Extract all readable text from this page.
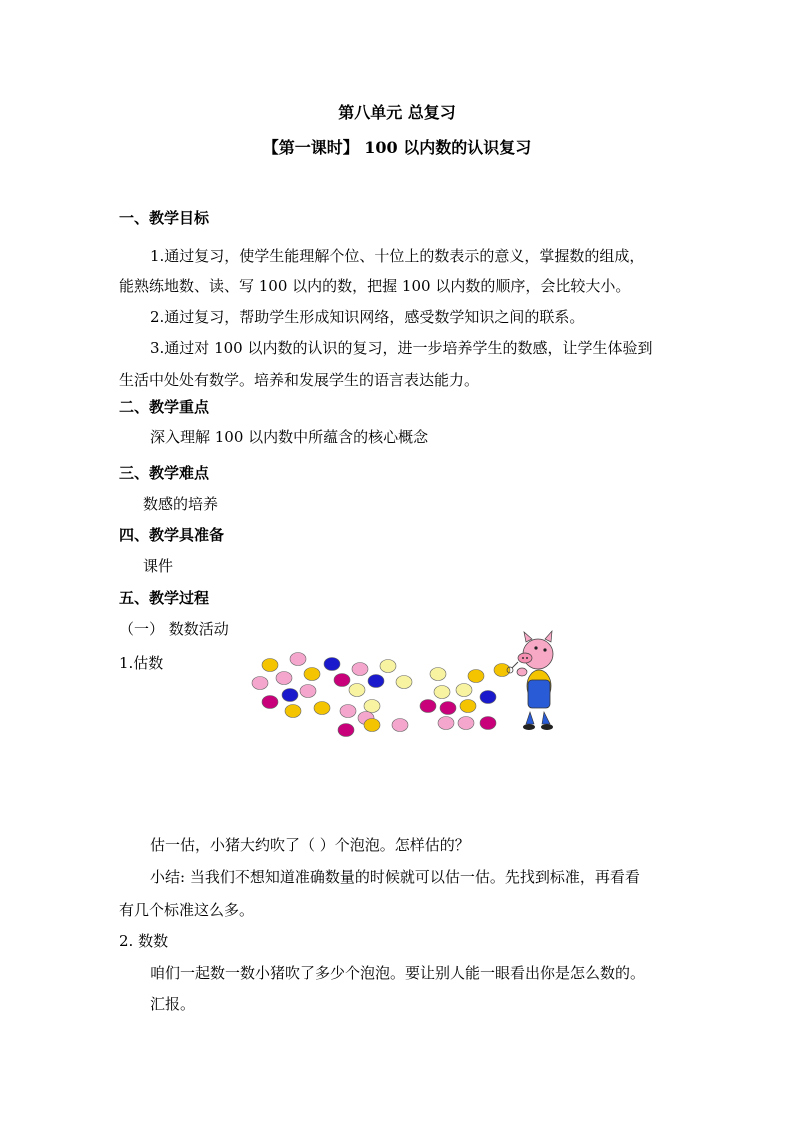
第八单元 总复习
【第一课时】 100 以内数的认识复习
一、教学目标
1.通过复习，使学生能理解个位、十位上的数表示的意义，掌握数的组成，
能熟练地数、读、写 100 以内的数，把握 100 以内数的顺序，会比较大小。
2.通过复习，帮助学生形成知识网络，感受数学知识之间的联系。
3.通过对 100 以内数的认识的复习，进一步培养学生的数感，让学生体验到
生活中处处有数学。培养和发展学生的语言表达能力。
二、教学重点
深入理解 100 以内数中所蕴含的核心概念
三、教学难点
数感的培养
四、教学具准备
课件
五、教学过程
（一） 数数活动
1.估数
估一估，小猪大约吹了（ ）个泡泡。怎样估的？
小结: 当我们不想知道准确数量的时候就可以估一估。先找到标准，再看看
有几个标准这么多。
2. 数数
咱们一起数一数小猪吹了多少个泡泡。要让别人能一眼看出你是怎么数的。
汇报。
